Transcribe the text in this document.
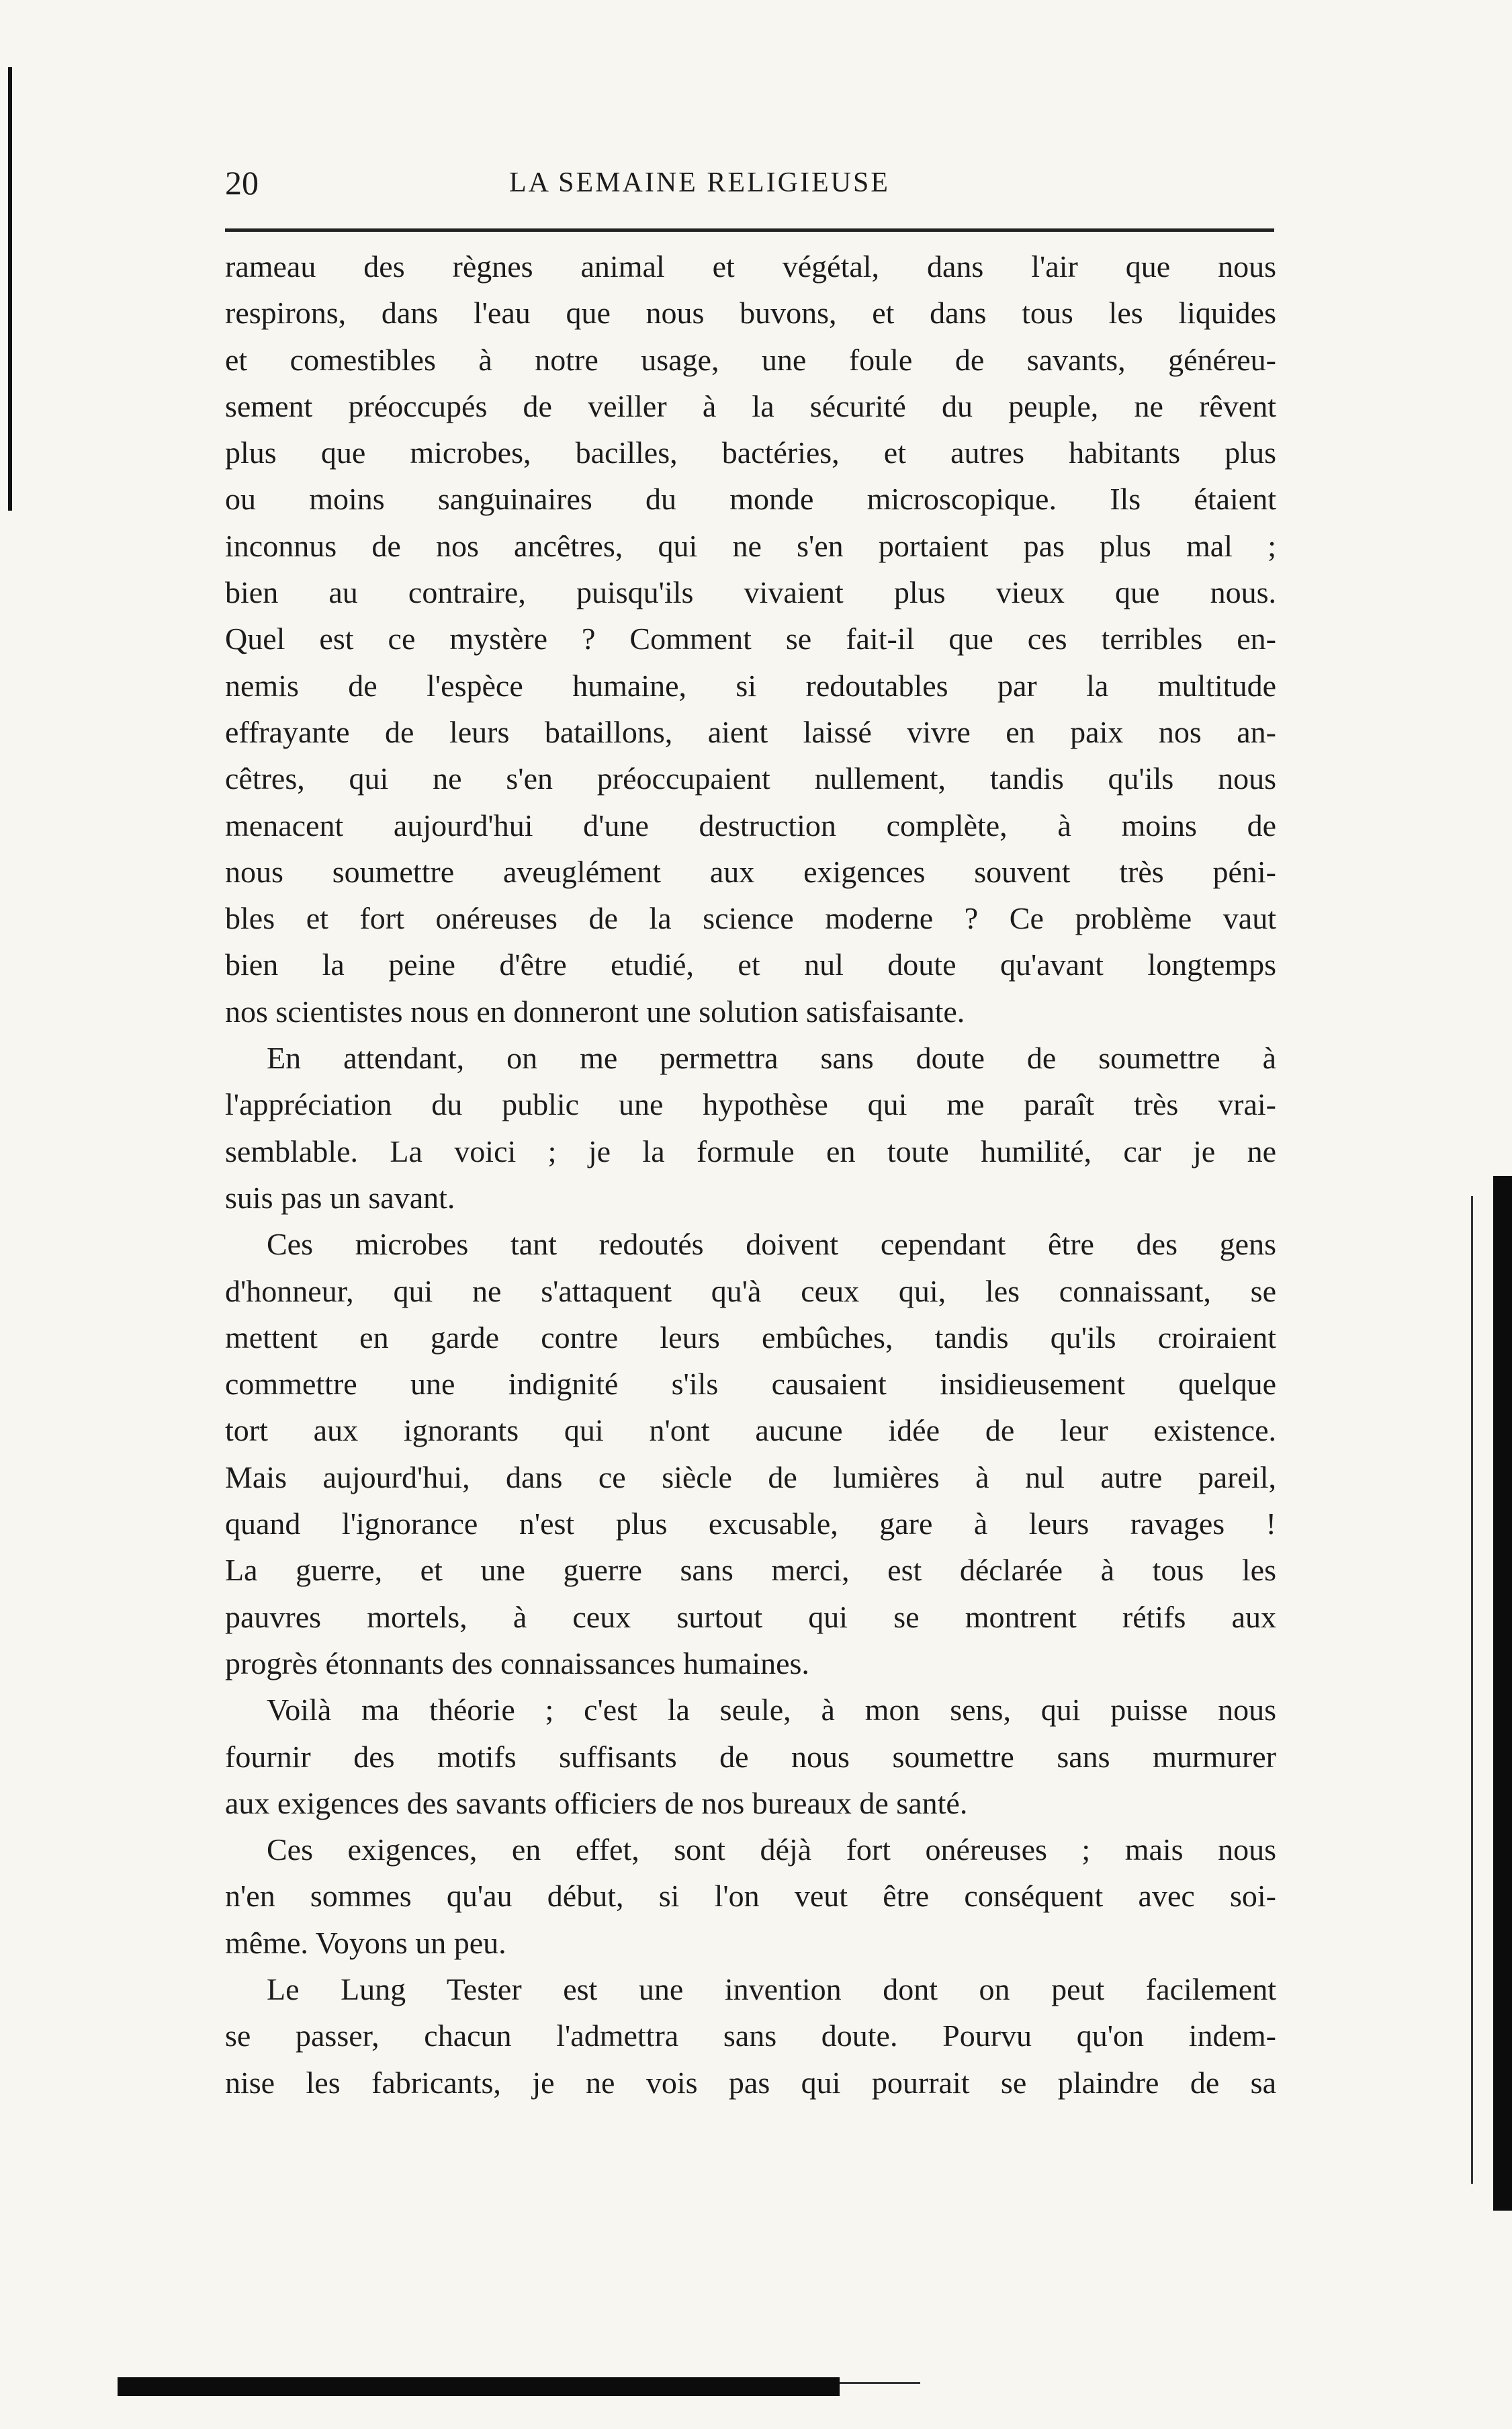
20	LA SEMAINE RELIGIEUSE
rameau des règnes animal et végétal, dans l'air que nous
respirons, dans l'eau que nous buvons, et dans tous les liquides
et comestibles à notre usage, une foule de savants, généreu-
sement préoccupés de veiller à la sécurité du peuple, ne rêvent
plus que microbes, bacilles, bactéries, et autres habitants plus
ou moins sanguinaires du monde microscopique. Ils étaient
inconnus de nos ancêtres, qui ne s'en portaient pas plus mal ;
bien au contraire, puisqu'ils vivaient plus vieux que nous.
Quel est ce mystère ? Comment se fait-il que ces terribles en-
nemis de l'espèce humaine, si redoutables par la multitude
effrayante de leurs bataillons, aient laissé vivre en paix nos an-
cêtres, qui ne s'en préoccupaient nullement, tandis qu'ils nous
menacent aujourd'hui d'une destruction complète, à moins de
nous soumettre aveuglément aux exigences souvent très péni-
bles et fort onéreuses de la science moderne ? Ce problème vaut
bien la peine d'être etudié, et nul doute qu'avant longtemps
nos scientistes nous en donneront une solution satisfaisante.
En attendant, on me permettra sans doute de soumettre à
l'appréciation du public une hypothèse qui me paraît très vrai-
semblable. La voici ; je la formule en toute humilité, car je ne
suis pas un savant.
Ces microbes tant redoutés doivent cependant être des gens
d'honneur, qui ne s'attaquent qu'à ceux qui, les connaissant, se
mettent en garde contre leurs embûches, tandis qu'ils croiraient
commettre une indignité s'ils causaient insidieusement quelque
tort aux ignorants qui n'ont aucune idée de leur existence.
Mais aujourd'hui, dans ce siècle de lumières à nul autre pareil,
quand l'ignorance n'est plus excusable, gare à leurs ravages !
La guerre, et une guerre sans merci, est déclarée à tous les
pauvres mortels, à ceux surtout qui se montrent rétifs aux
progrès étonnants des connaissances humaines.
Voilà ma théorie ; c'est la seule, à mon sens, qui puisse nous
fournir des motifs suffisants de nous soumettre sans murmurer
aux exigences des savants officiers de nos bureaux de santé.
Ces exigences, en effet, sont déjà fort onéreuses ; mais nous
n'en sommes qu'au début, si l'on veut être conséquent avec soi-
même. Voyons un peu.
Le Lung Tester est une invention dont on peut facilement
se passer, chacun l'admettra sans doute. Pourvu qu'on indem-
nise les fabricants, je ne vois pas qui pourrait se plaindre de sa
